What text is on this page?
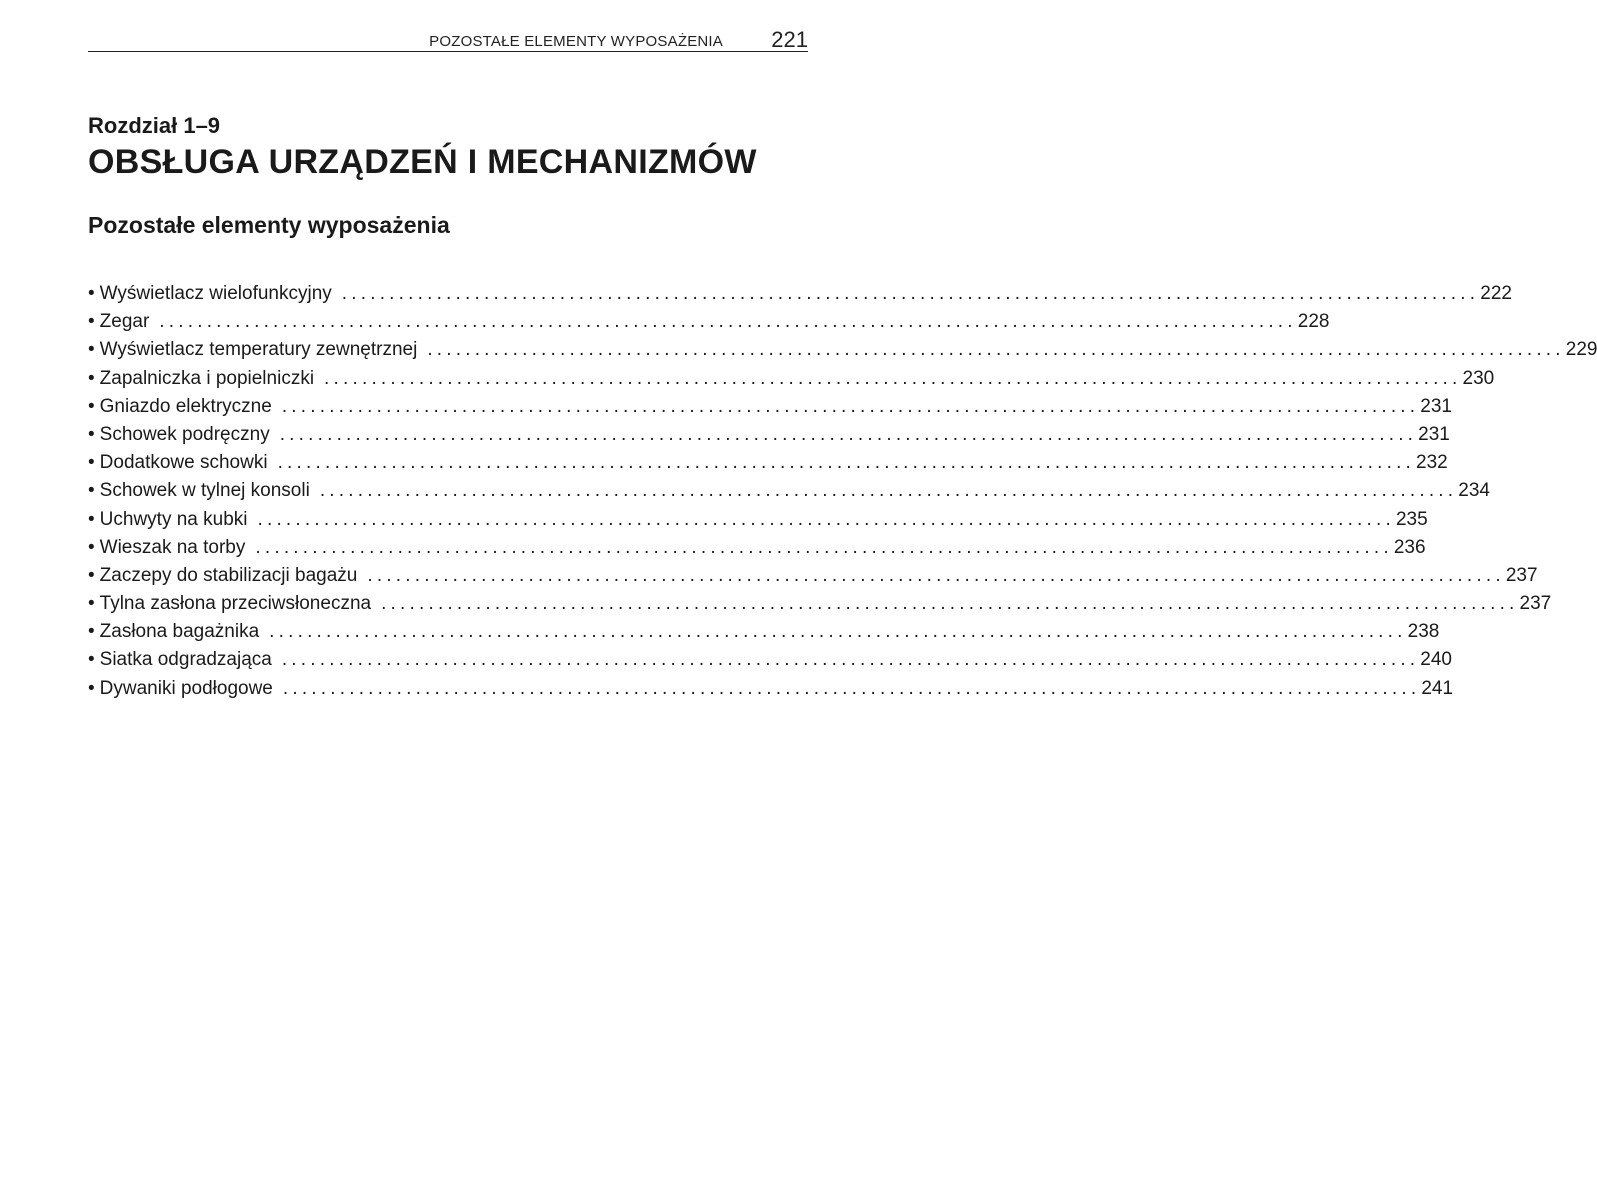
POZOSTAŁE ELEMENTY WYPOSAŻENIA 221
Rozdział 1–9
OBSŁUGA URZĄDZEŃ I MECHANIZMÓW
Pozostałe elementy wyposażenia
• Wyświetlacz wielofunkcyjny ........................................................................................................................ 222
• Zegar ........................................................................................................................ 228
• Wyświetlacz temperatury zewnętrznej ........................................................................................................................ 229
• Zapalniczka i popielniczki ........................................................................................................................ 230
• Gniazdo elektryczne ........................................................................................................................ 231
• Schowek podręczny ........................................................................................................................ 231
• Dodatkowe schowki ........................................................................................................................ 232
• Schowek w tylnej konsoli ........................................................................................................................ 234
• Uchwyty na kubki ........................................................................................................................ 235
• Wieszak na torby ........................................................................................................................ 236
• Zaczepy do stabilizacji bagażu ........................................................................................................................ 237
• Tylna zasłona przeciwsłoneczna ........................................................................................................................ 237
• Zasłona bagażnika ........................................................................................................................ 238
• Siatka odgradzająca ........................................................................................................................ 240
• Dywaniki podłogowe ........................................................................................................................ 241
